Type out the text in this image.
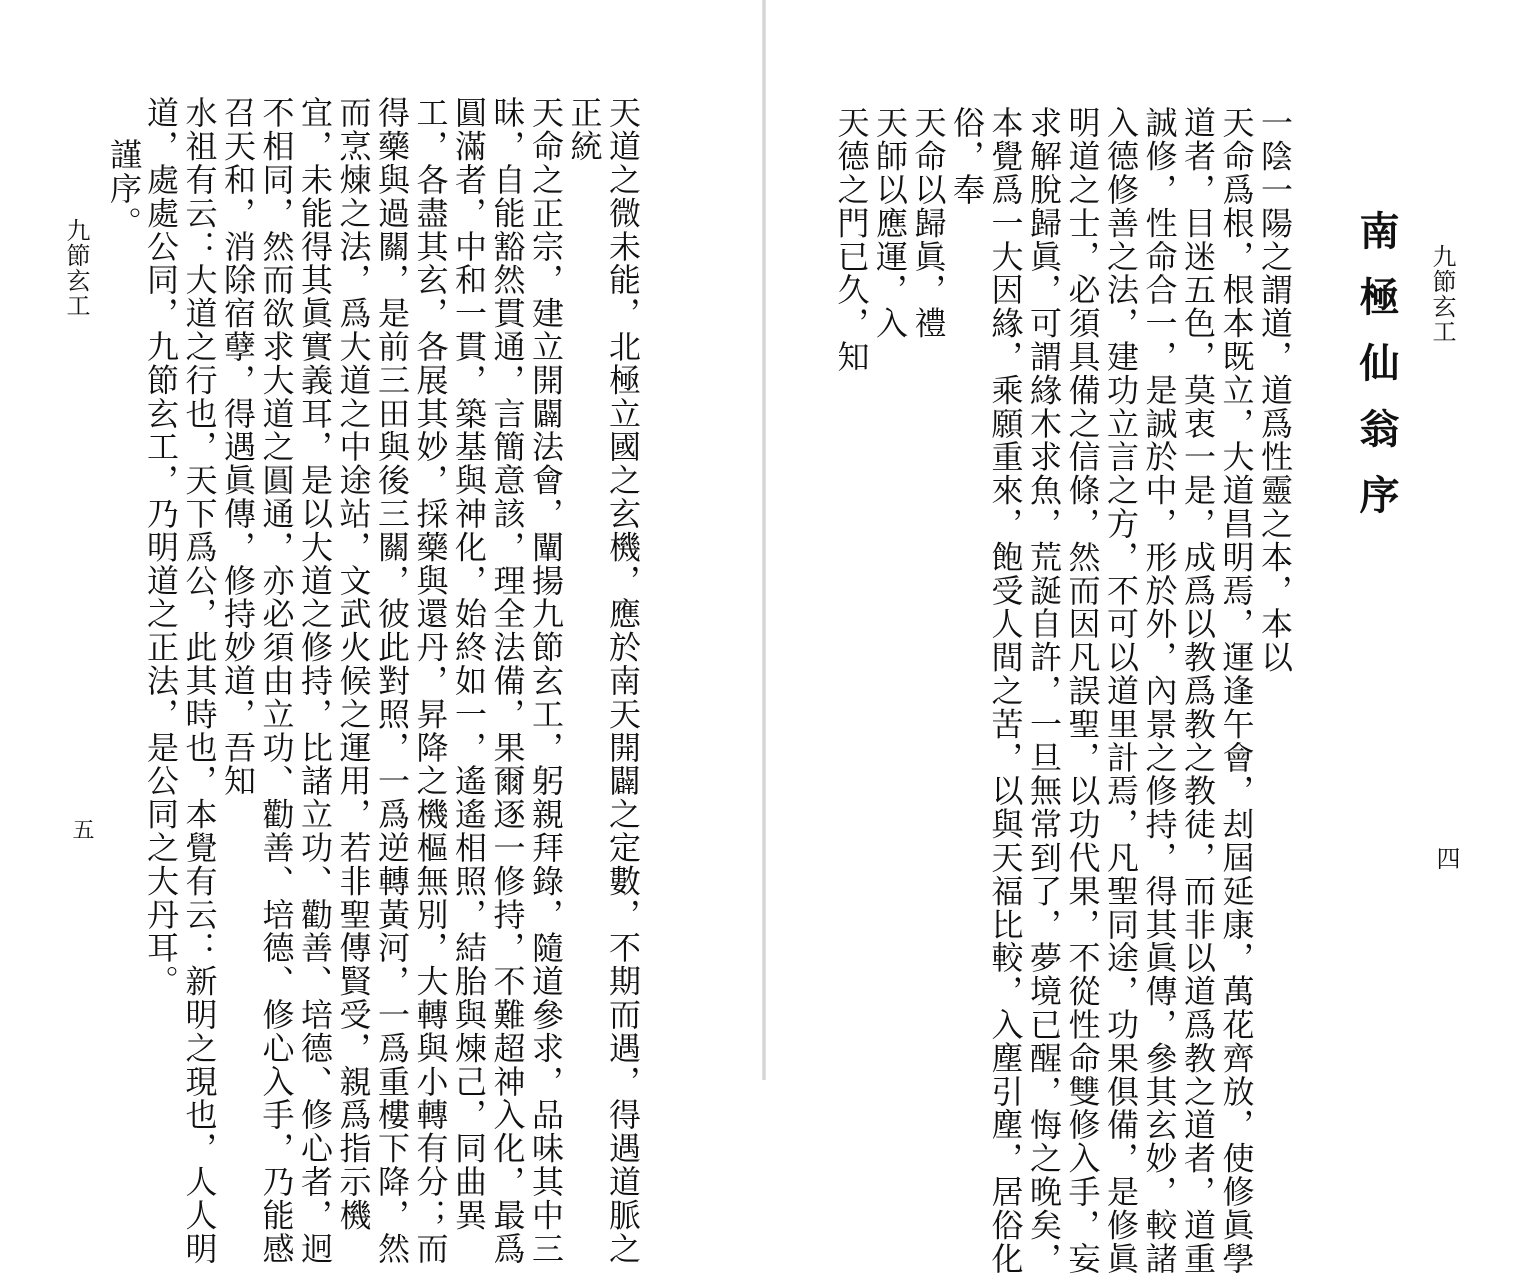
天道之微未能，北極立國之玄機，應於南天開闢之定數，不期而遇，得遇道脈之
正統
天命之正宗，建立開闢法會，闡揚九節玄工，躬親拜錄，隨道參求，品味其中三
昧，自能豁然貫通，言簡意該，理全法備，果爾逐一修持，不難超神入化，最爲
圓滿者，中和一貫，築基與神化，始終如一，遙遙相照，結胎與煉己，同曲異
工，各盡其玄，各展其妙，採藥與還丹，昇降之機樞無別，大轉與小轉有分；而
得藥與過關，是前三田與後三關，彼此對照，一爲逆轉黃河，一爲重樓下降，然
而烹煉之法，爲大道之中途站，文武火候之運用，若非聖傳賢受，親爲指示機
宜，未能得其眞實義耳，是以大道之修持，比諸立功、勸善、培德、修心者，迥
不相同，然而欲求大道之圓通，亦必須由立功、勸善、培德、修心入手，乃能感
召天和，消除宿孽，得遇眞傳，修持妙道，吾知
水祖有云：大道之行也，天下爲公，此其時也，本覺有云：新明之現也，人人明
道，處處公同，九節玄工，乃明道之正法，是公同之大丹耳。
謹序。
九節玄工
五
九節玄工
南極仙翁序
一陰一陽之謂道，道爲性靈之本，本以
天命爲根，根本既立，大道昌明焉，運逢午會，刦屆延康，萬花齊放，使修眞學
道者，目迷五色，莫衷一是，成爲以教爲教之教徒，而非以道爲教之道者，道重
誠修，性命合一，是誠於中，形於外，內景之修持，得其眞傳，參其玄妙，較諸
入德修善之法，建功立言之方，不可以道里計焉，凡聖同途，功果俱備，是修眞
明道之士，必須具備之信條，然而因凡誤聖，以功代果，不從性命雙修入手，妄
求解脫歸眞，可謂緣木求魚，荒誕自許，一旦無常到了，夢境已醒，悔之晚矣，
本覺爲一大因緣，乘願重來，飽受人間之苦，以與天福比較，入塵引塵，居俗化
俗，奉
天命以歸眞，禮
天師以應運，入
天德之門已久，知
四
